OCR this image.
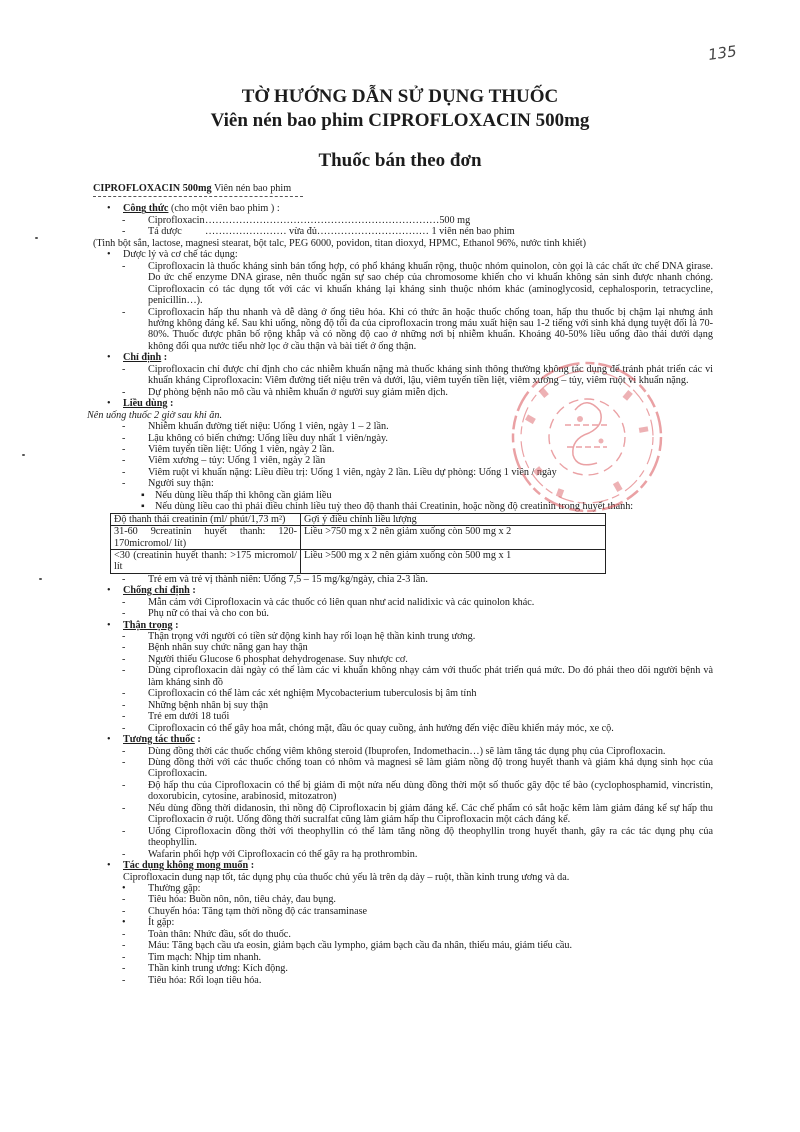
135
TỜ HƯỚNG DẪN SỬ DỤNG THUỐC
Viên nén bao phim CIPROFLOXACIN 500mg
Thuốc bán theo đơn

CIPROFLOXACIN 500mg Viên nén bao phim

• Công thức (cho một viên bao phim ) :

- Ciprofloxacin……………………………………………………………500 mg

- Tá dược …………………… vừa đủ…………………………… 1 viên nén bao phim

(Tinh bột sắn, lactose, magnesi stearat, bột talc, PEG 6000, povidon, titan dioxyd, HPMC, Ethanol 96%, nước tinh khiết)

• Dược lý và cơ chế tác dụng:

- Ciprofloxacin là thuốc kháng sinh bán tổng hợp, có phổ kháng khuẩn rộng, thuộc nhóm quinolon, còn gọi là các chất ức chế DNA girase. Do ức chế enzyme DNA girase, nên thuốc ngăn sự sao chép của chromosome khiến cho vi khuẩn không sản sinh được nhanh chóng. Ciprofloxacin có tác dụng tốt với các vi khuẩn kháng lại kháng sinh thuộc nhóm khác (aminoglycosid, cephalosporin, tetracycline, penicillin…).

- Ciprofloxacin hấp thu nhanh và dễ dàng ở ống tiêu hóa. Khi có thức ăn hoặc thuốc chống toan, hấp thu thuốc bị chậm lại nhưng ảnh hưởng không đáng kể. Sau khi uống, nồng độ tối đa của ciprofloxacin trong máu xuất hiện sau 1-2 tiếng với sinh khả dụng tuyệt đối là 70-80%. Thuốc được phân bố rộng khắp và có nồng độ cao ở những nơi bị nhiễm khuẩn. Khoảng 40-50% liều uống đào thải dưới dạng không đổi qua nước tiểu nhờ lọc ở cầu thận và bài tiết ở ống thận.

• Chỉ định :

- Ciprofloxacin chỉ được chỉ định cho các nhiễm khuẩn nặng mà thuốc kháng sinh thông thường không tác dụng để tránh phát triển các vi khuẩn kháng Ciprofloxacin: Viêm đường tiết niệu trên và dưới, lậu, viêm tuyến tiền liệt, viêm xương – tủy, viêm ruột vi khuẩn nặng.

- Dự phòng bệnh não mô cầu và nhiễm khuẩn ở người suy giảm miễn dịch.

• Liều dùng :

Nên uống thuốc 2 giờ sau khi ăn.

- Nhiễm khuẩn đường tiết niệu: Uống 1 viên, ngày 1 – 2 lần.

- Lậu không có biến chứng: Uống liều duy nhất 1 viên/ngày.

- Viêm tuyến tiền liệt: Uống 1 viên, ngày 2 lần.

- Viêm xương – tủy: Uống 1 viên, ngày 2 lần

- Viêm ruột vi khuẩn nặng: Liều điều trị: Uống 1 viên, ngày 2 lần. Liều dự phòng: Uống 1 viên / ngày

- Người suy thận:

▪ Nếu dùng liều thấp thì không cần giảm liều

▪ Nếu dùng liều cao thì phải điều chỉnh liều tuỳ theo độ thanh thải Creatinin, hoặc nồng độ creatinin trong huyết thanh:

Độ thanh thải creatinin (ml/ phút/1,73 m²)	Gợi ý điều chỉnh liều lượng
31-60 9creatinin huyết thanh: 120-170micromol/ lít)	Liều >750 mg x 2 nên giảm xuống còn 500 mg x 2
<30 (creatinin huyết thanh: >175 micromol/ lít	Liều >500 mg x 2 nên giảm xuống còn 500 mg x 1

- Trẻ em và trẻ vị thành niên: Uống 7,5 – 15 mg/kg/ngày, chia 2-3 lần.

• Chống chỉ định :

- Mẫn cảm với Ciprofloxacin và các thuốc có liên quan như acid nalidixic và các quinolon khác.

- Phụ nữ có thai và cho con bú.

• Thận trọng :

- Thận trọng với người có tiền sử động kinh hay rối loạn hệ thần kinh trung ương.

- Bệnh nhân suy chức năng gan hay thận

- Người thiếu Glucose 6 phosphat dehydrogenase. Suy nhược cơ.

- Dùng ciprofloxacin dài ngày có thể làm các vi khuẩn không nhạy cảm với thuốc phát triển quá mức. Do đó phải theo dõi người bệnh và làm kháng sinh đồ

- Ciprofloxacin có thể làm các xét nghiệm Mycobacterium tuberculosis bị âm tính

- Những bệnh nhân bị suy thận

- Trẻ em dưới 18 tuổi

- Ciprofloxacin có thể gây hoa mắt, chóng mặt, đầu óc quay cuồng, ảnh hưởng đến việc điều khiển máy móc, xe cộ.

• Tương tác thuốc :

- Dùng đồng thời các thuốc chống viêm không steroid (Ibuprofen, Indomethacin…) sẽ làm tăng tác dụng phụ của Ciprofloxacin.

- Dùng đồng thời với các thuốc chống toan có nhôm và magnesi sẽ làm giảm nồng độ trong huyết thanh và giảm khả dụng sinh học của Ciprofloxacin.

- Độ hấp thu của Ciprofloxacin có thể bị giảm đi một nửa nếu dùng đồng thời một số thuốc gây độc tế bào (cyclophosphamid, vincristin, doxorubicin, cytosine, arabinosid, mitozatron)

- Nếu dùng đồng thời didanosin, thì nồng độ Ciprofloxacin bị giảm đáng kể. Các chế phẩm có sắt hoặc kẽm làm giảm đáng kể sự hấp thu Ciprofloxacin ở ruột. Uống đồng thời sucralfat cũng làm giảm hấp thu Ciprofloxacin một cách đáng kể.

- Uống Ciprofloxacin đồng thời với theophyllin có thể làm tăng nồng độ theophyllin trong huyết thanh, gây ra các tác dụng phụ của theophyllin.

- Wafarin phối hợp với Ciprofloxacin có thể gây ra hạ prothrombin.

• Tác dụng không mong muốn :

Ciprofloxacin dung nạp tốt, tác dụng phụ của thuốc chủ yếu là trên dạ dày – ruột, thần kinh trung ương và da.

• Thường gặp:

- Tiêu hóa: Buồn nôn, nôn, tiêu chảy, đau bụng.

- Chuyển hóa: Tăng tạm thời nồng độ các transaminase

• Ít gặp:

- Toàn thân: Nhức đầu, sốt do thuốc.

- Máu: Tăng bạch cầu ưa eosin, giảm bạch cầu lympho, giảm bạch cầu đa nhân, thiếu máu, giảm tiểu cầu.

- Tim mạch: Nhịp tim nhanh.

- Thần kinh trung ương: Kích động.

- Tiêu hóa: Rối loạn tiêu hóa.
